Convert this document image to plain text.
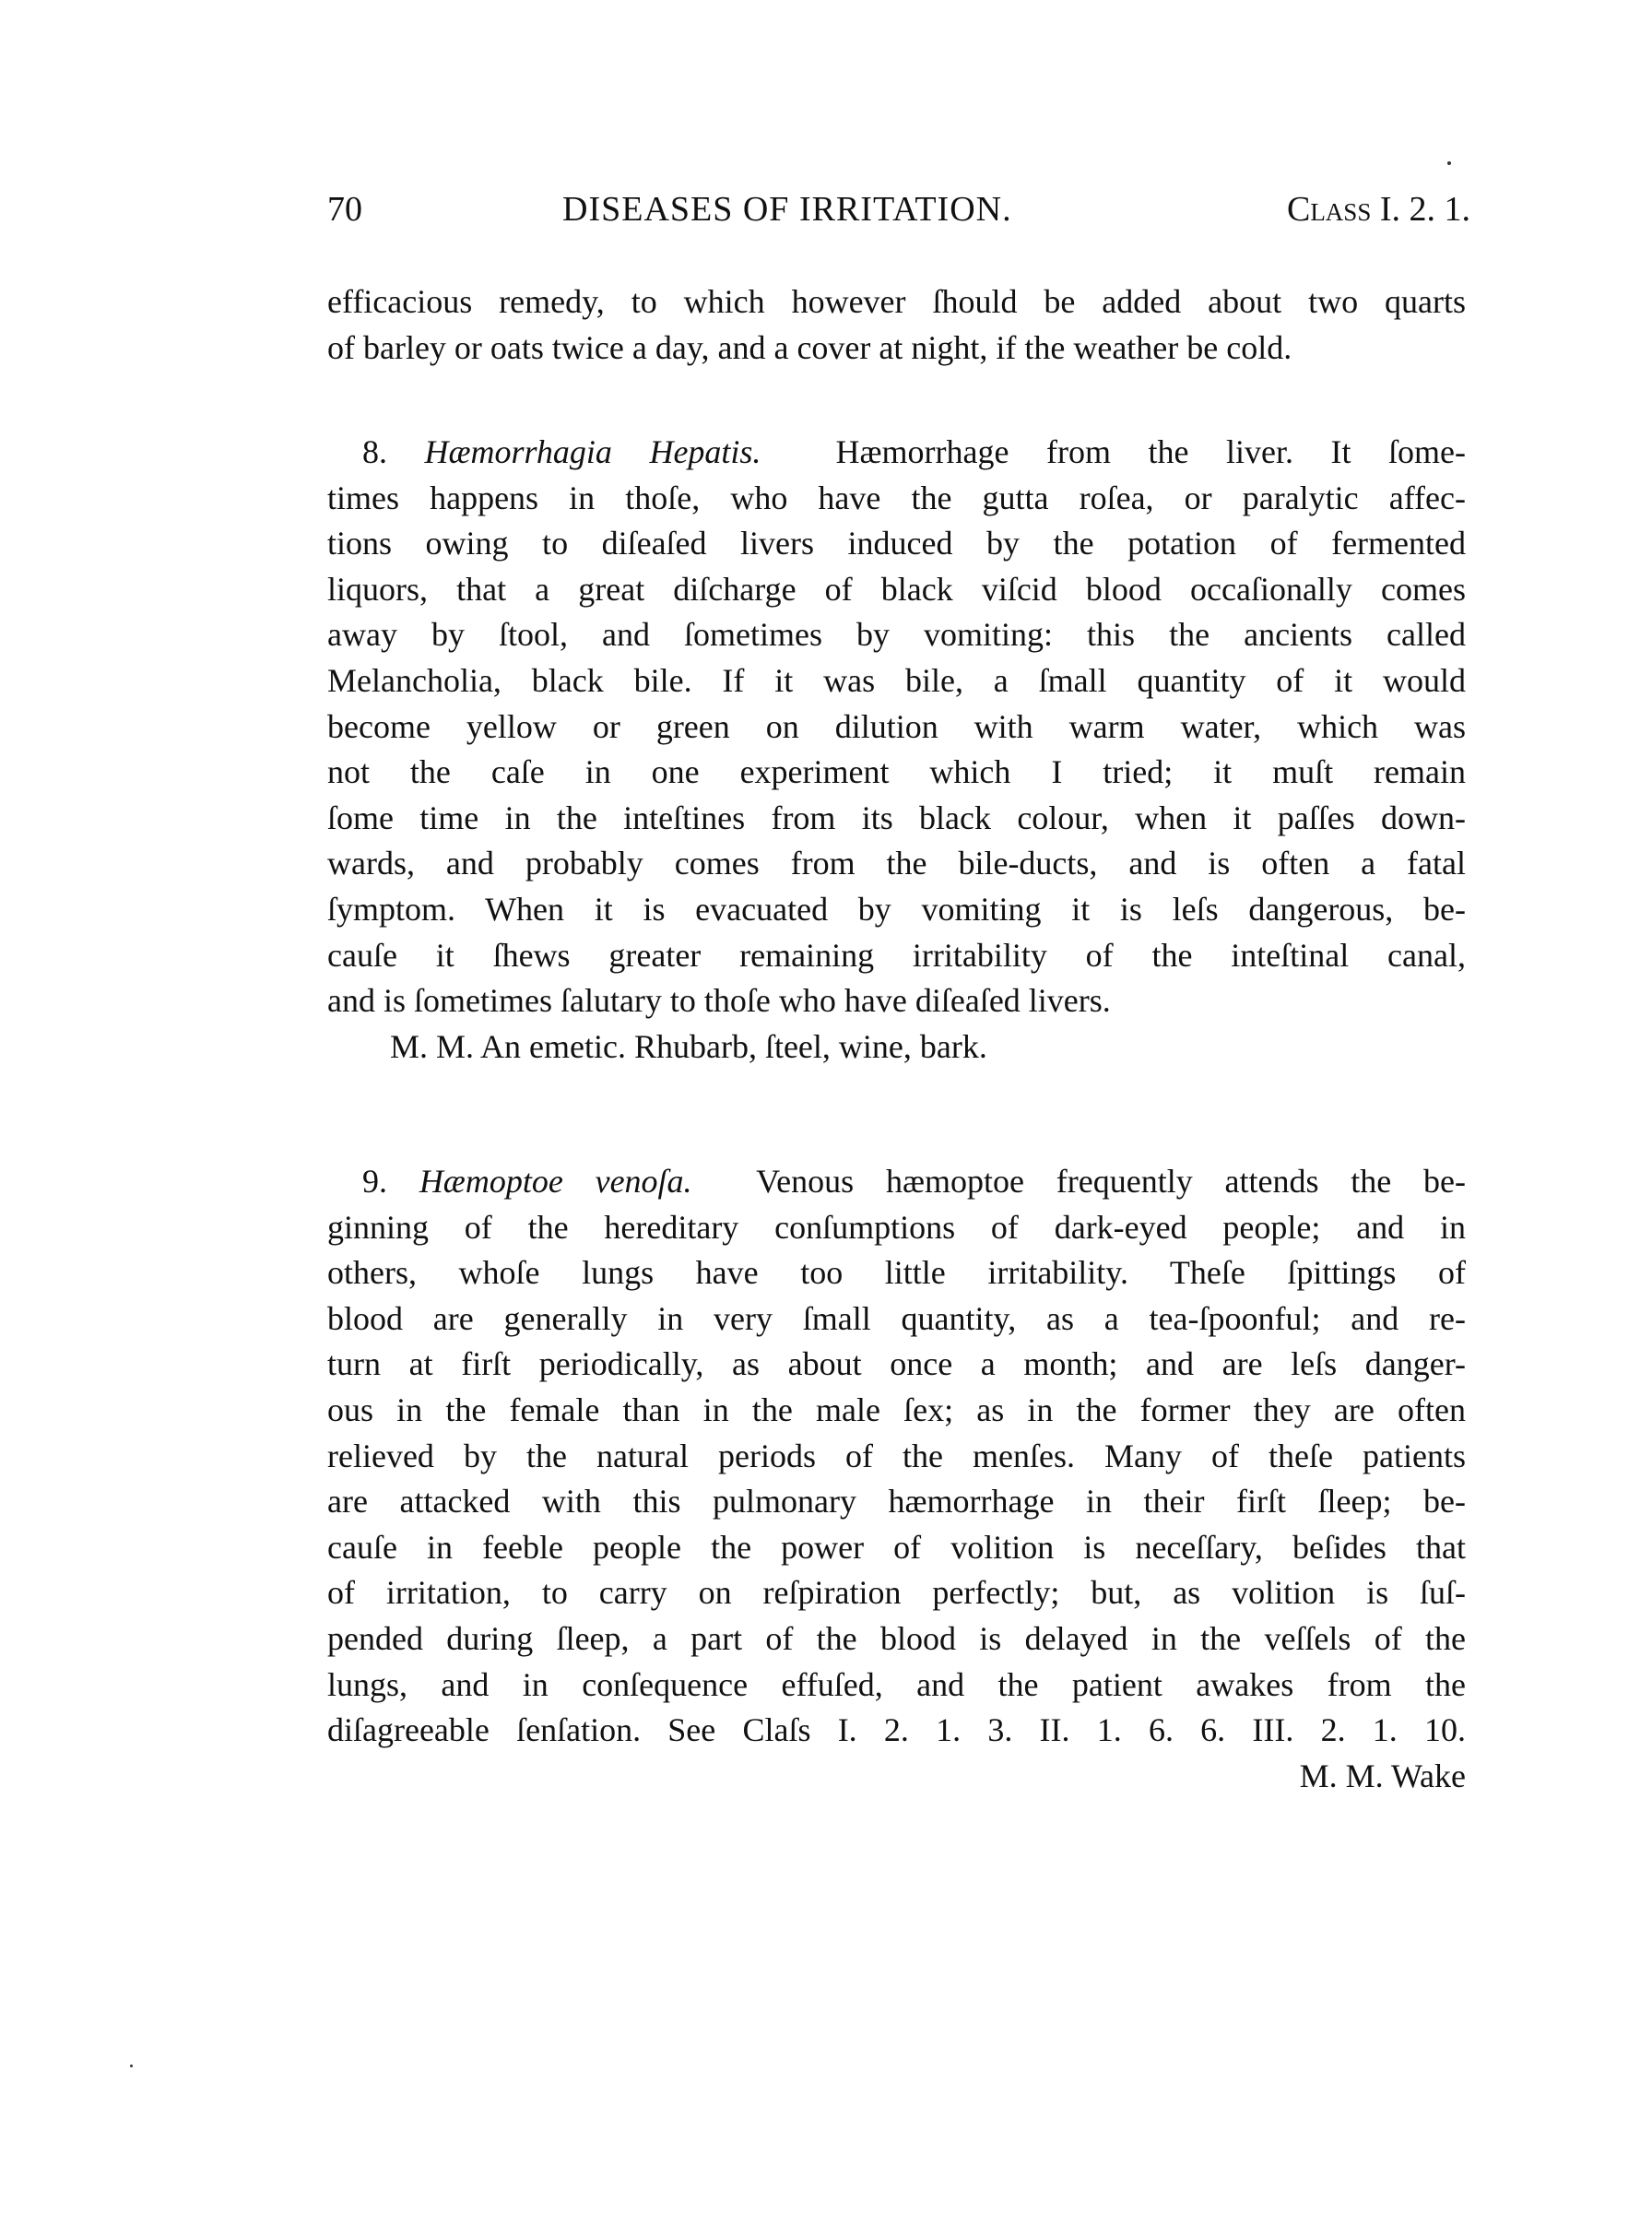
70	DISEASES OF IRRITATION.	Class I. 2. 1.
efficacious remedy, to which however ſhould be added about two quarts
of barley or oats twice a day, and a cover at night, if the weather be cold.
8. Hæmorrhagia Hepatis. Hæmorrhage from the liver. It ſome-
times happens in thoſe, who have the gutta roſea, or paralytic affec-
tions owing to diſeaſed livers induced by the potation of fermented
liquors, that a great diſcharge of black viſcid blood occaſionally comes
away by ſtool, and ſometimes by vomiting: this the ancients called
Melancholia, black bile. If it was bile, a ſmall quantity of it would
become yellow or green on dilution with warm water, which was
not the caſe in one experiment which I tried; it muſt remain
ſome time in the inteſtines from its black colour, when it paſſes down-
wards, and probably comes from the bile-ducts, and is often a fatal
ſymptom. When it is evacuated by vomiting it is leſs dangerous, be-
cauſe it ſhews greater remaining irritability of the inteſtinal canal,
and is ſometimes ſalutary to thoſe who have diſeaſed livers.
M. M. An emetic. Rhubarb, ſteel, wine, bark.
9. Hæmoptoe venoſa. Venous hæmoptoe frequently attends the be-
ginning of the hereditary conſumptions of dark-eyed people; and in
others, whoſe lungs have too little irritability. Theſe ſpittings of
blood are generally in very ſmall quantity, as a tea-ſpoonful; and re-
turn at firſt periodically, as about once a month; and are leſs danger-
ous in the female than in the male ſex; as in the former they are often
relieved by the natural periods of the menſes. Many of theſe patients
are attacked with this pulmonary hæmorrhage in their firſt ſleep; be-
cauſe in feeble people the power of volition is neceſſary, beſides that
of irritation, to carry on reſpiration perfectly; but, as volition is ſuſ-
pended during ſleep, a part of the blood is delayed in the veſſels of the
lungs, and in conſequence effuſed, and the patient awakes from the
diſagreeable ſenſation. See Claſs I. 2. 1. 3. II. 1. 6. 6. III. 2. 1. 10.
M. M. Wake
